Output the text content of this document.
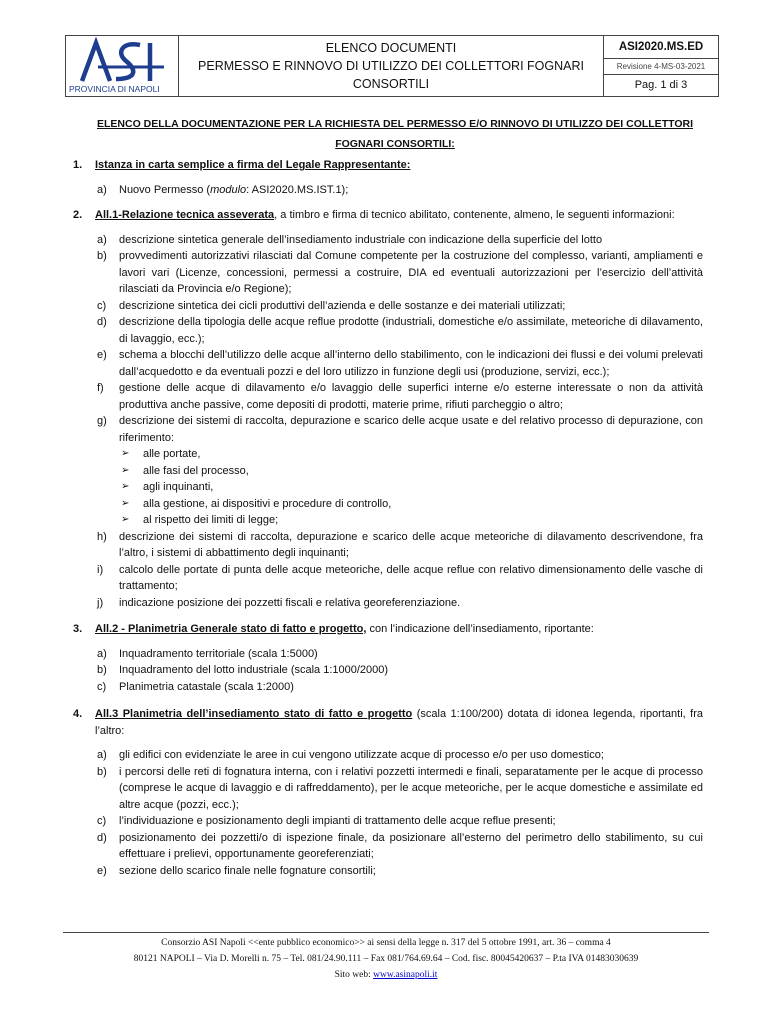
ASI
PROVINCIA DI NAPOLI
ELENCO DOCUMENTI
PERMESSO E RINNOVO DI UTILIZZO DEI COLLETTORI FOGNARI
CONSORTILI
ASI2020.MS.ED
Revisione 4-MS-03-2021
Pag. 1 di 3
ELENCO DELLA DOCUMENTAZIONE PER LA RICHIESTA DEL PERMESSO E/O RINNOVO DI UTILIZZO DEI COLLETTORI
FOGNARI CONSORTILI:
1. Istanza in carta semplice a firma del Legale Rappresentante:
a) Nuovo Permesso (modulo: ASI2020.MS.IST.1);
2. All.1-Relazione tecnica asseverata, a timbro e firma di tecnico abilitato, contenente, almeno, le seguenti informazioni:
a) descrizione sintetica generale dell’insediamento industriale con indicazione della superficie del lotto
b) provvedimenti autorizzativi rilasciati dal Comune competente per la costruzione del complesso, varianti, ampliamenti e lavori vari (Licenze, concessioni, permessi a costruire, DIA ed eventuali autorizzazioni per l’esercizio dell’attività rilasciati da Provincia e/o Regione);
c) descrizione sintetica dei cicli produttivi dell’azienda e delle sostanze e dei materiali utilizzati;
d) descrizione della tipologia delle acque reflue prodotte (industriali, domestiche e/o assimilate, meteoriche di dilavamento, di lavaggio, ecc.);
e) schema a blocchi dell’utilizzo delle acque all’interno dello stabilimento, con le indicazioni dei flussi e dei volumi prelevati dall’acquedotto e da eventuali pozzi e del loro utilizzo in funzione degli usi (produzione, servizi, ecc.);
f) gestione delle acque di dilavamento e/o lavaggio delle superfici interne e/o esterne interessate o non da attività produttiva anche passive, come depositi di prodotti, materie prime, rifiuti parcheggio o altro;
g) descrizione dei sistemi di raccolta, depurazione e scarico delle acque usate e del relativo processo di depurazione, con riferimento:
➢ alle portate,
➢ alle fasi del processo,
➢ agli inquinanti,
➢ alla gestione, ai dispositivi e procedure di controllo,
➢ al rispetto dei limiti di legge;
h) descrizione dei sistemi di raccolta, depurazione e scarico delle acque meteoriche di dilavamento descrivendone, fra l’altro, i sistemi di abbattimento degli inquinanti;
i) calcolo delle portate di punta delle acque meteoriche, delle acque reflue con relativo dimensionamento delle vasche di trattamento;
j) indicazione posizione dei pozzetti fiscali e relativa georeferenziazione.
3. All.2 - Planimetria Generale stato di fatto e progetto, con l’indicazione dell’insediamento, riportante:
a) Inquadramento territoriale (scala 1:5000)
b) Inquadramento del lotto industriale (scala 1:1000/2000)
c) Planimetria catastale (scala 1:2000)
4. All.3 Planimetria dell’insediamento stato di fatto e progetto (scala 1:100/200) dotata di idonea legenda, riportanti, fra l’altro:
a) gli edifici con evidenziate le aree in cui vengono utilizzate acque di processo e/o per uso domestico;
b) i percorsi delle reti di fognatura interna, con i relativi pozzetti intermedi e finali, separatamente per le acque di processo (comprese le acque di lavaggio e di raffreddamento), per le acque meteoriche, per le acque domestiche e assimilate ed altre acque (pozzi, ecc.);
c) l’individuazione e posizionamento degli impianti di trattamento delle acque reflue presenti;
d) posizionamento dei pozzetti/o di ispezione finale, da posizionare all’esterno del perimetro dello stabilimento, su cui effettuare i prelievi, opportunamente georeferenziati;
e) sezione dello scarico finale nelle fognature consortili;
Consorzio ASI Napoli <<ente pubblico economico>> ai sensi della legge n. 317 del 5 ottobre 1991, art. 36 – comma 4
80121 NAPOLI – Via D. Morelli n. 75 – Tel. 081/24.90.111 – Fax 081/764.69.64 – Cod. fisc. 80045420637 – P.ta IVA 01483030639
Sito web: www.asinapoli.it
